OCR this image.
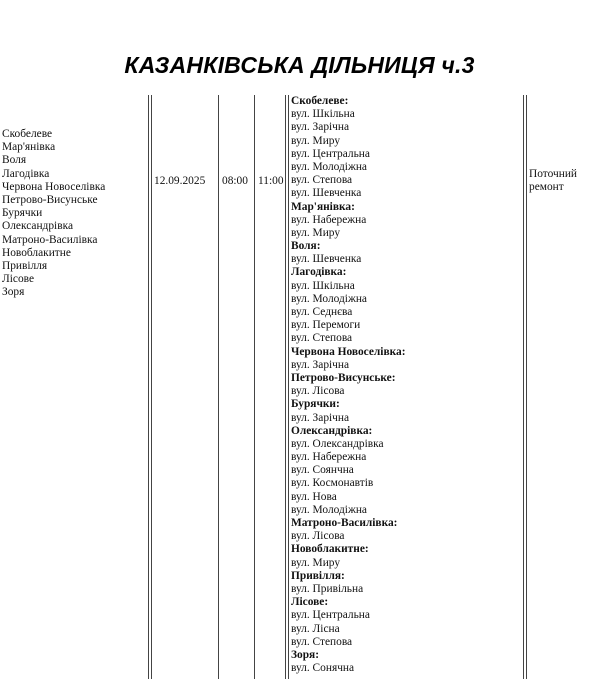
КАЗАНКІВСЬКА ДІЛЬНИЦЯ ч.3
Скобелеве
Мар'янівка
Воля
Лагодівка
Червона Новоселівка
Петрово-Висунське
Бурячки
Олександрівка
Матроно-Василівка
Новоблакитне
Привілля
Лісове
Зоря
12.09.2025 08:00 11:00
Скобелеве:
вул. Шкільна
вул. Зарічна
вул. Миру
вул. Центральна
вул. Молодіжна
вул. Степова
вул. Шевченка
Мар'янівка:
вул. Набережна
вул. Миру
Воля:
вул. Шевченка
Лагодівка:
вул. Шкільна
вул. Молодіжна
вул. Седнєва
вул. Перемоги
вул. Степова
Червона Новоселівка:
вул. Зарічна
Петрово-Висунське:
вул. Лісова
Бурячки:
вул. Зарічна
Олександрівка:
вул. Олександрівка
вул. Набережна
вул. Соянчна
вул. Космонавтів
вул. Нова
вул. Молодіжна
Матроно-Василівка:
вул. Лісова
Новоблакитне:
вул. Миру
Привілля:
вул. Привільна
Лісове:
вул. Центральна
вул. Лісна
вул. Степова
Зоря:
вул. Сонячна
Поточний
ремонт
